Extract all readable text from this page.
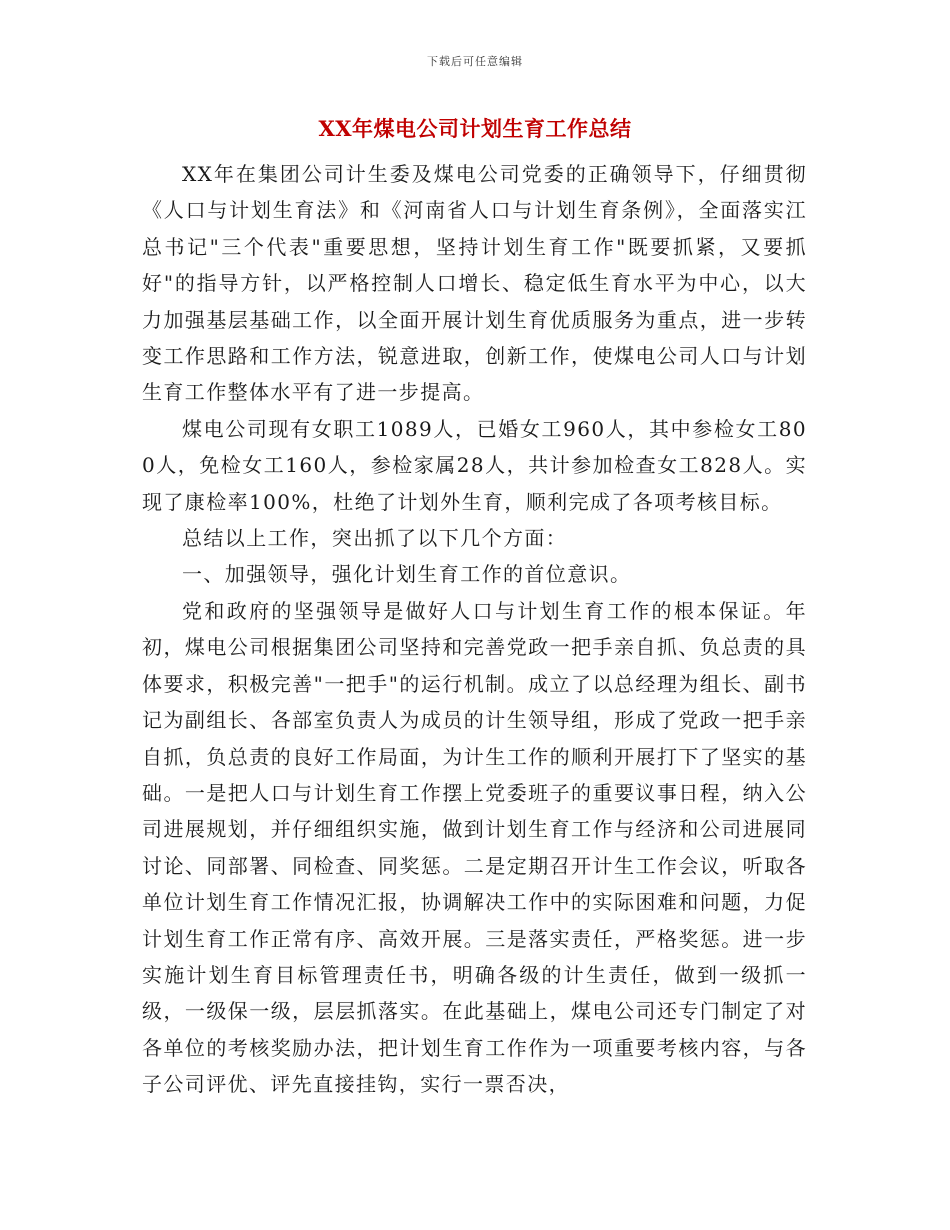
下载后可任意编辑
XX年煤电公司计划生育工作总结

XX年在集团公司计生委及煤电公司党委的正确领导下，仔细贯彻《人口与计划生育法》和《河南省人口与计划生育条例》，全面落实江总书记"三个代表"重要思想，坚持计划生育工作"既要抓紧，又要抓好"的指导方针，以严格控制人口增长、稳定低生育水平为中心，以大力加强基层基础工作，以全面开展计划生育优质服务为重点，进一步转变工作思路和工作方法，锐意进取，创新工作，使煤电公司人口与计划生育工作整体水平有了进一步提高。

煤电公司现有女职工1089人，已婚女工960人，其中参检女工800人，免检女工160人，参检家属28人，共计参加检查女工828人。实现了康检率100%，杜绝了计划外生育，顺利完成了各项考核目标。

总结以上工作，突出抓了以下几个方面：

一、加强领导，强化计划生育工作的首位意识。

党和政府的坚强领导是做好人口与计划生育工作的根本保证。年初，煤电公司根据集团公司坚持和完善党政一把手亲自抓、负总责的具体要求，积极完善"一把手"的运行机制。成立了以总经理为组长、副书记为副组长、各部室负责人为成员的计生领导组，形成了党政一把手亲自抓，负总责的良好工作局面，为计生工作的顺利开展打下了坚实的基础。一是把人口与计划生育工作摆上党委班子的重要议事日程，纳入公司进展规划，并仔细组织实施，做到计划生育工作与经济和公司进展同讨论、同部署、同检查、同奖惩。二是定期召开计生工作会议，听取各单位计划生育工作情况汇报，协调解决工作中的实际困难和问题，力促计划生育工作正常有序、高效开展。三是落实责任，严格奖惩。进一步实施计划生育目标管理责任书，明确各级的计生责任，做到一级抓一级，一级保一级，层层抓落实。在此基础上，煤电公司还专门制定了对各单位的考核奖励办法，把计划生育工作作为一项重要考核内容，与各子公司评优、评先直接挂钩，实行一票否决，
